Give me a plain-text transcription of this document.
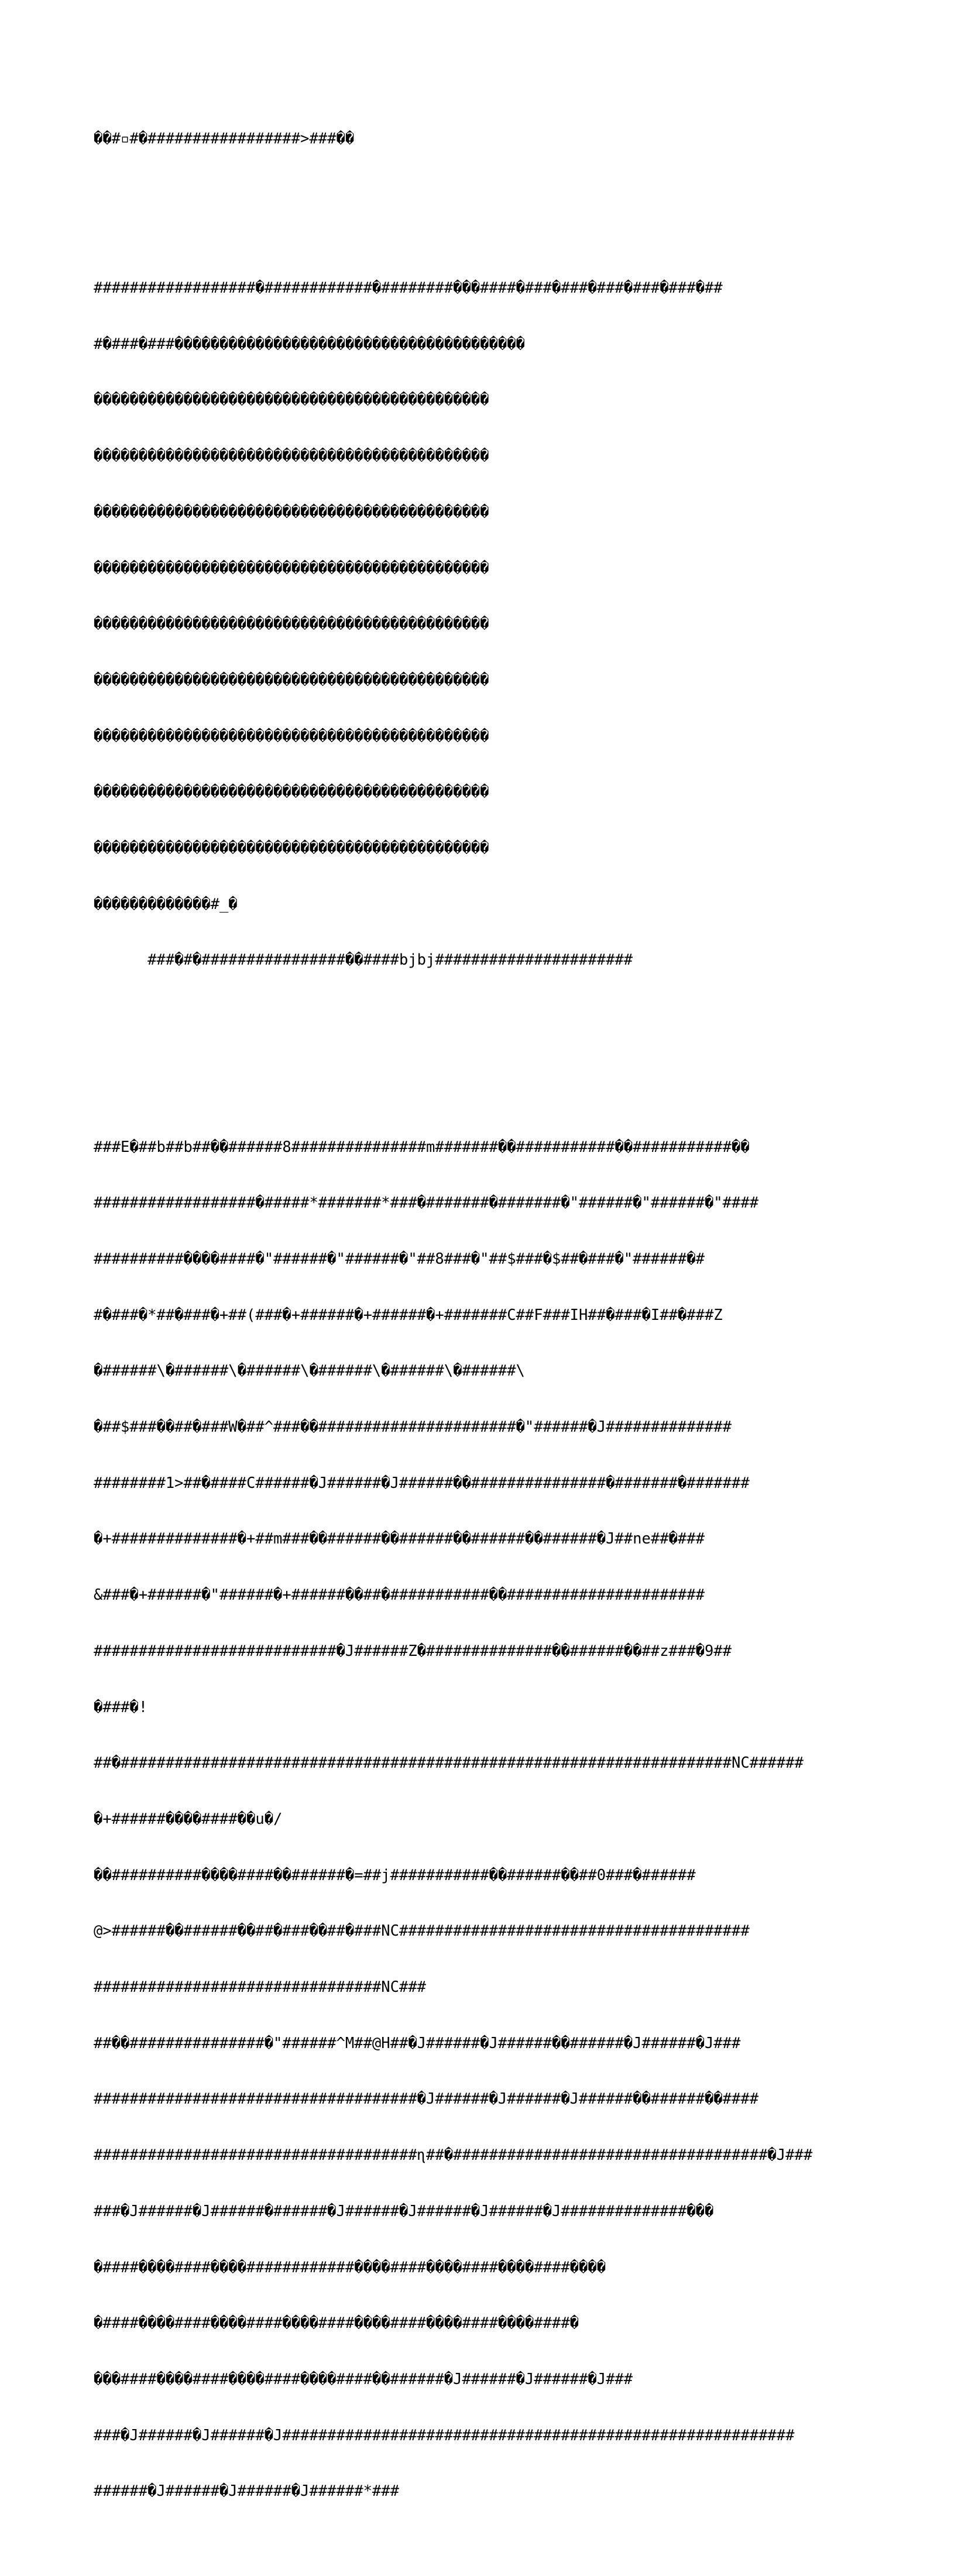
��#▫#�#################>###��

##################�############�########���####�###�###�###�###�###�##

#�###�###���������������������������������������

��������������������������������������������

��������������������������������������������

��������������������������������������������

��������������������������������������������

��������������������������������������������

��������������������������������������������

��������������������������������������������

��������������������������������������������

��������������������������������������������

�������������#_�

###�#�################��####bjbj######################

###E�##b##b##��######8###############m#######��###########��###########��

##################�#####*#######*###�#######�#######�"######�"######�"####

##########����####�"######�"######�"##8###�"##$###�$##�###�"######�#

#�###�*##�###�+##(###�+######�+######�+#######C##F###IH##�###�I##�###Z

�######\�######\�######\�######\�######\�######\

�##$###��##�###W�##^###��######################�"######�J##############

########1>##�####C######�J######�J######��###############�#######�#######

�+##############�+##m###��######��######��######��######�J##ne##�###

&###�+######�"######�+######��##�###########��######################

###########################�J######Z�##############��######��##z###�9##

�###�!

##�####################################################################NC######

�+######����####��u�/

��##########����####��######�=##j###########��######��##0###�######

@>######��######��##�###��##�###NC#######################################

################################NC###

##��###############�"######^M##@H##�J######�J######��######�J######�J###

####################################�J######�J######�J######��######��####

####################################ɳ##�###################################�J###

###�J######�J######�######�J######�J######�J######�J##############���

�####����####����############����####����####����####����

�####����####����####����####����####����####����####�

���####����####����####����####��######�J######�J######�J###

###�J######�J######�J#########################################################

######�J######�J######�J######*###
